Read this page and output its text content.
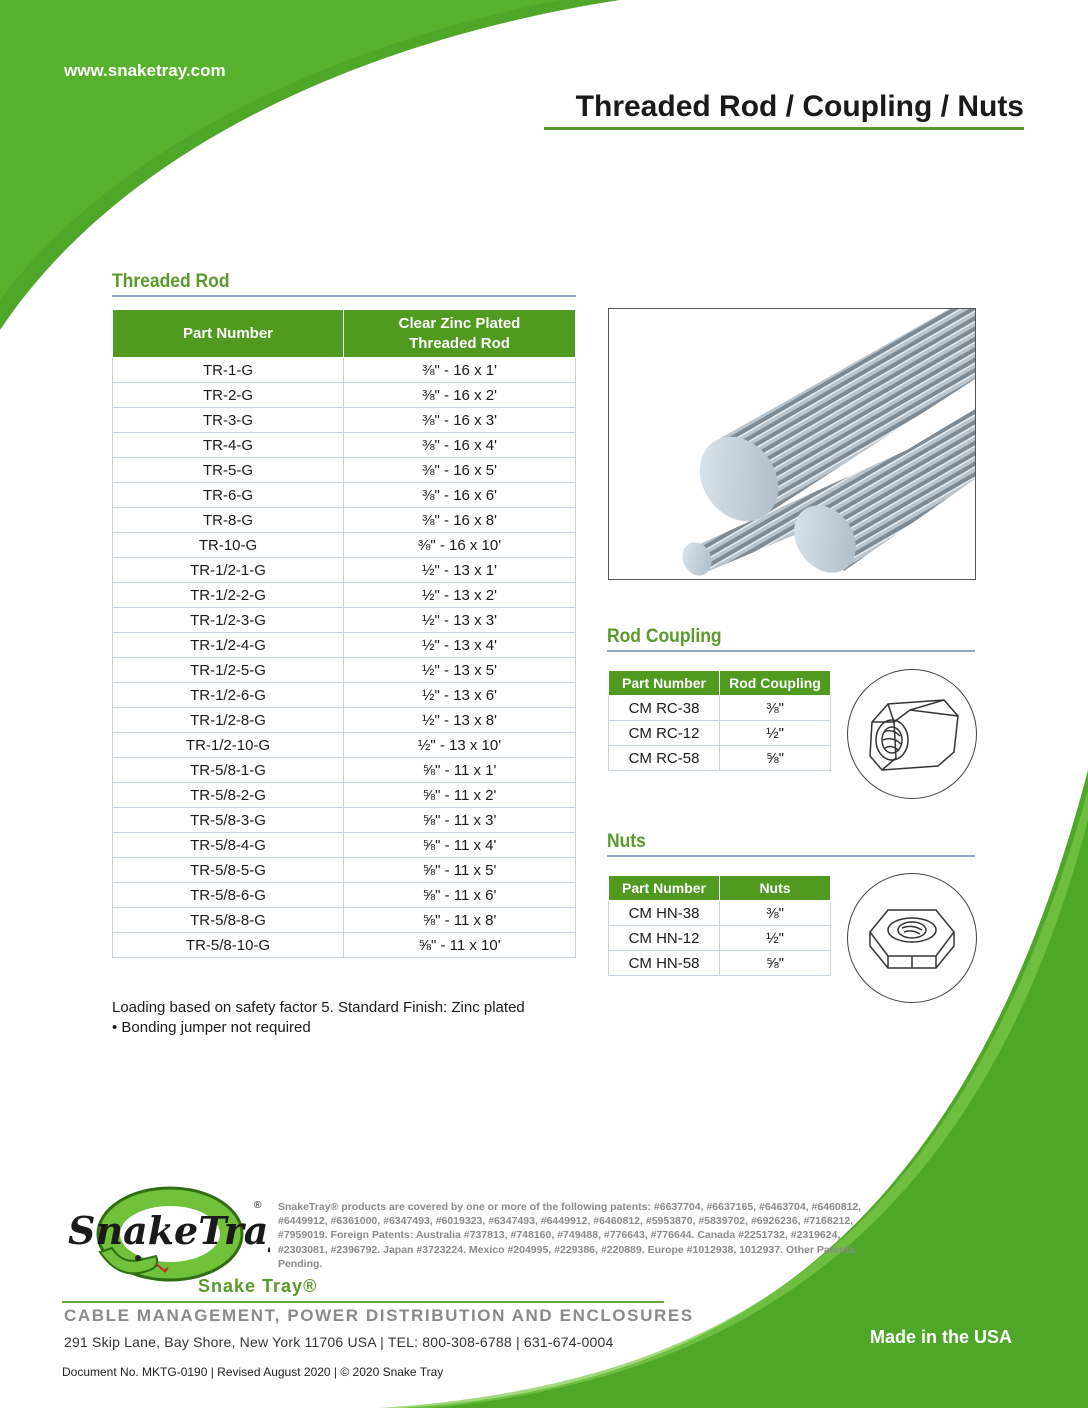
www.snaketray.com
Threaded Rod / Coupling / Nuts
Threaded Rod
Part Number	Clear Zinc Plated Threaded Rod
TR-1-G	⅜" - 16 x 1'
TR-2-G	⅜" - 16 x 2'
TR-3-G	⅜" - 16 x 3'
TR-4-G	⅜" - 16 x 4'
TR-5-G	⅜" - 16 x 5'
TR-6-G	⅜" - 16 x 6'
TR-8-G	⅜" - 16 x 8'
TR-10-G	⅜" - 16 x 10'
TR-1/2-1-G	½" - 13 x 1'
TR-1/2-2-G	½" - 13 x 2'
TR-1/2-3-G	½" - 13 x 3'
TR-1/2-4-G	½" - 13 x 4'
TR-1/2-5-G	½" - 13 x 5'
TR-1/2-6-G	½" - 13 x 6'
TR-1/2-8-G	½" - 13 x 8'
TR-1/2-10-G	½" - 13 x 10'
TR-5/8-1-G	⅝" - 11 x 1'
TR-5/8-2-G	⅝" - 11 x 2'
TR-5/8-3-G	⅝" - 11 x 3'
TR-5/8-4-G	⅝" - 11 x 4'
TR-5/8-5-G	⅝" - 11 x 5'
TR-5/8-6-G	⅝" - 11 x 6'
TR-5/8-8-G	⅝" - 11 x 8'
TR-5/8-10-G	⅝" - 11 x 10'
Rod Coupling
Part Number	Rod Coupling
CM RC-38	⅜"
CM RC-12	½"
CM RC-58	⅝"
Nuts
Part Number	Nuts
CM HN-38	⅜"
CM HN-12	½"
CM HN-58	⅝"
Loading based on safety factor 5. Standard Finish: Zinc plated
• Bonding jumper not required
SnakeTray
® SnakeTray® products are covered by one or more of the following patents: #6637704, #6637165, #6463704, #6460812, #6449912, #6361000, #6347493, #6019323, #6347493, #6449912, #6460812, #5953870, #5839702, #6926236, #7168212, #7959019. Foreign Patents: Australia #737813, #748160, #749488, #776643, #776644. Canada #2251732, #2319624, #2303081, #2396792. Japan #3723224. Mexico #204995, #229386, #220889. Europe #1012938, 1012937. Other Patents Pending.
Snake Tray®
CABLE MANAGEMENT, POWER DISTRIBUTION AND ENCLOSURES
291 Skip Lane, Bay Shore, New York 11706 USA | TEL: 800-308-6788 | 631-674-0004
Document No. MKTG-0190 | Revised August 2020 | © 2020 Snake Tray
Made in the USA
